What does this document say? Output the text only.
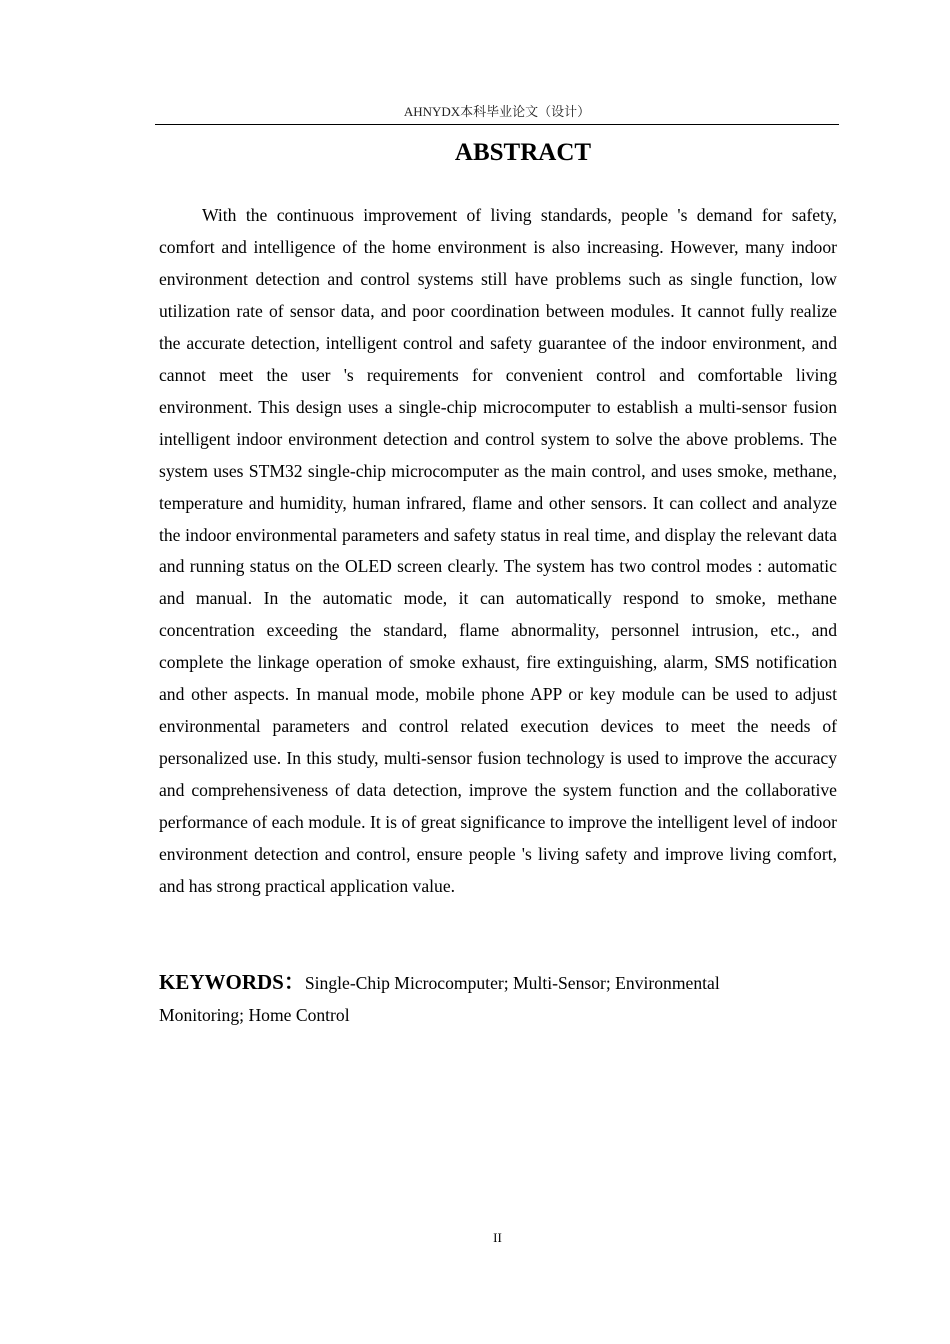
AHNYDX本科毕业论文（设计）
ABSTRACT

With the continuous improvement of living standards, people 's demand for safety, comfort and intelligence of the home environment is also increasing. However, many indoor environment detection and control systems still have problems such as single function, low utilization rate of sensor data, and poor coordination between modules. It cannot fully realize the accurate detection, intelligent control and safety guarantee of the indoor environment, and cannot meet the user 's requirements for convenient control and comfortable living environment. This design uses a single-chip microcomputer to establish a multi-sensor fusion intelligent indoor environment detection and control system to solve the above problems. The system uses STM32 single-chip microcomputer as the main control, and uses smoke, methane, temperature and humidity, human infrared, flame and other sensors. It can collect and analyze the indoor environmental parameters and safety status in real time, and display the relevant data and running status on the OLED screen clearly. The system has two control modes : automatic and manual. In the automatic mode, it can automatically respond to smoke, methane concentration exceeding the standard, flame abnormality, personnel intrusion, etc., and complete the linkage operation of smoke exhaust, fire extinguishing, alarm, SMS notification and other aspects. In manual mode, mobile phone APP or key module can be used to adjust environmental parameters and control related execution devices to meet the needs of personalized use. In this study, multi-sensor fusion technology is used to improve the accuracy and comprehensiveness of data detection, improve the system function and the collaborative performance of each module. It is of great significance to improve the intelligent level of indoor environment detection and control, ensure people 's living safety and improve living comfort, and has strong practical application value.

KEYWORDS：Single-Chip Microcomputer; Multi-Sensor; Environmental Monitoring; Home Control

II
